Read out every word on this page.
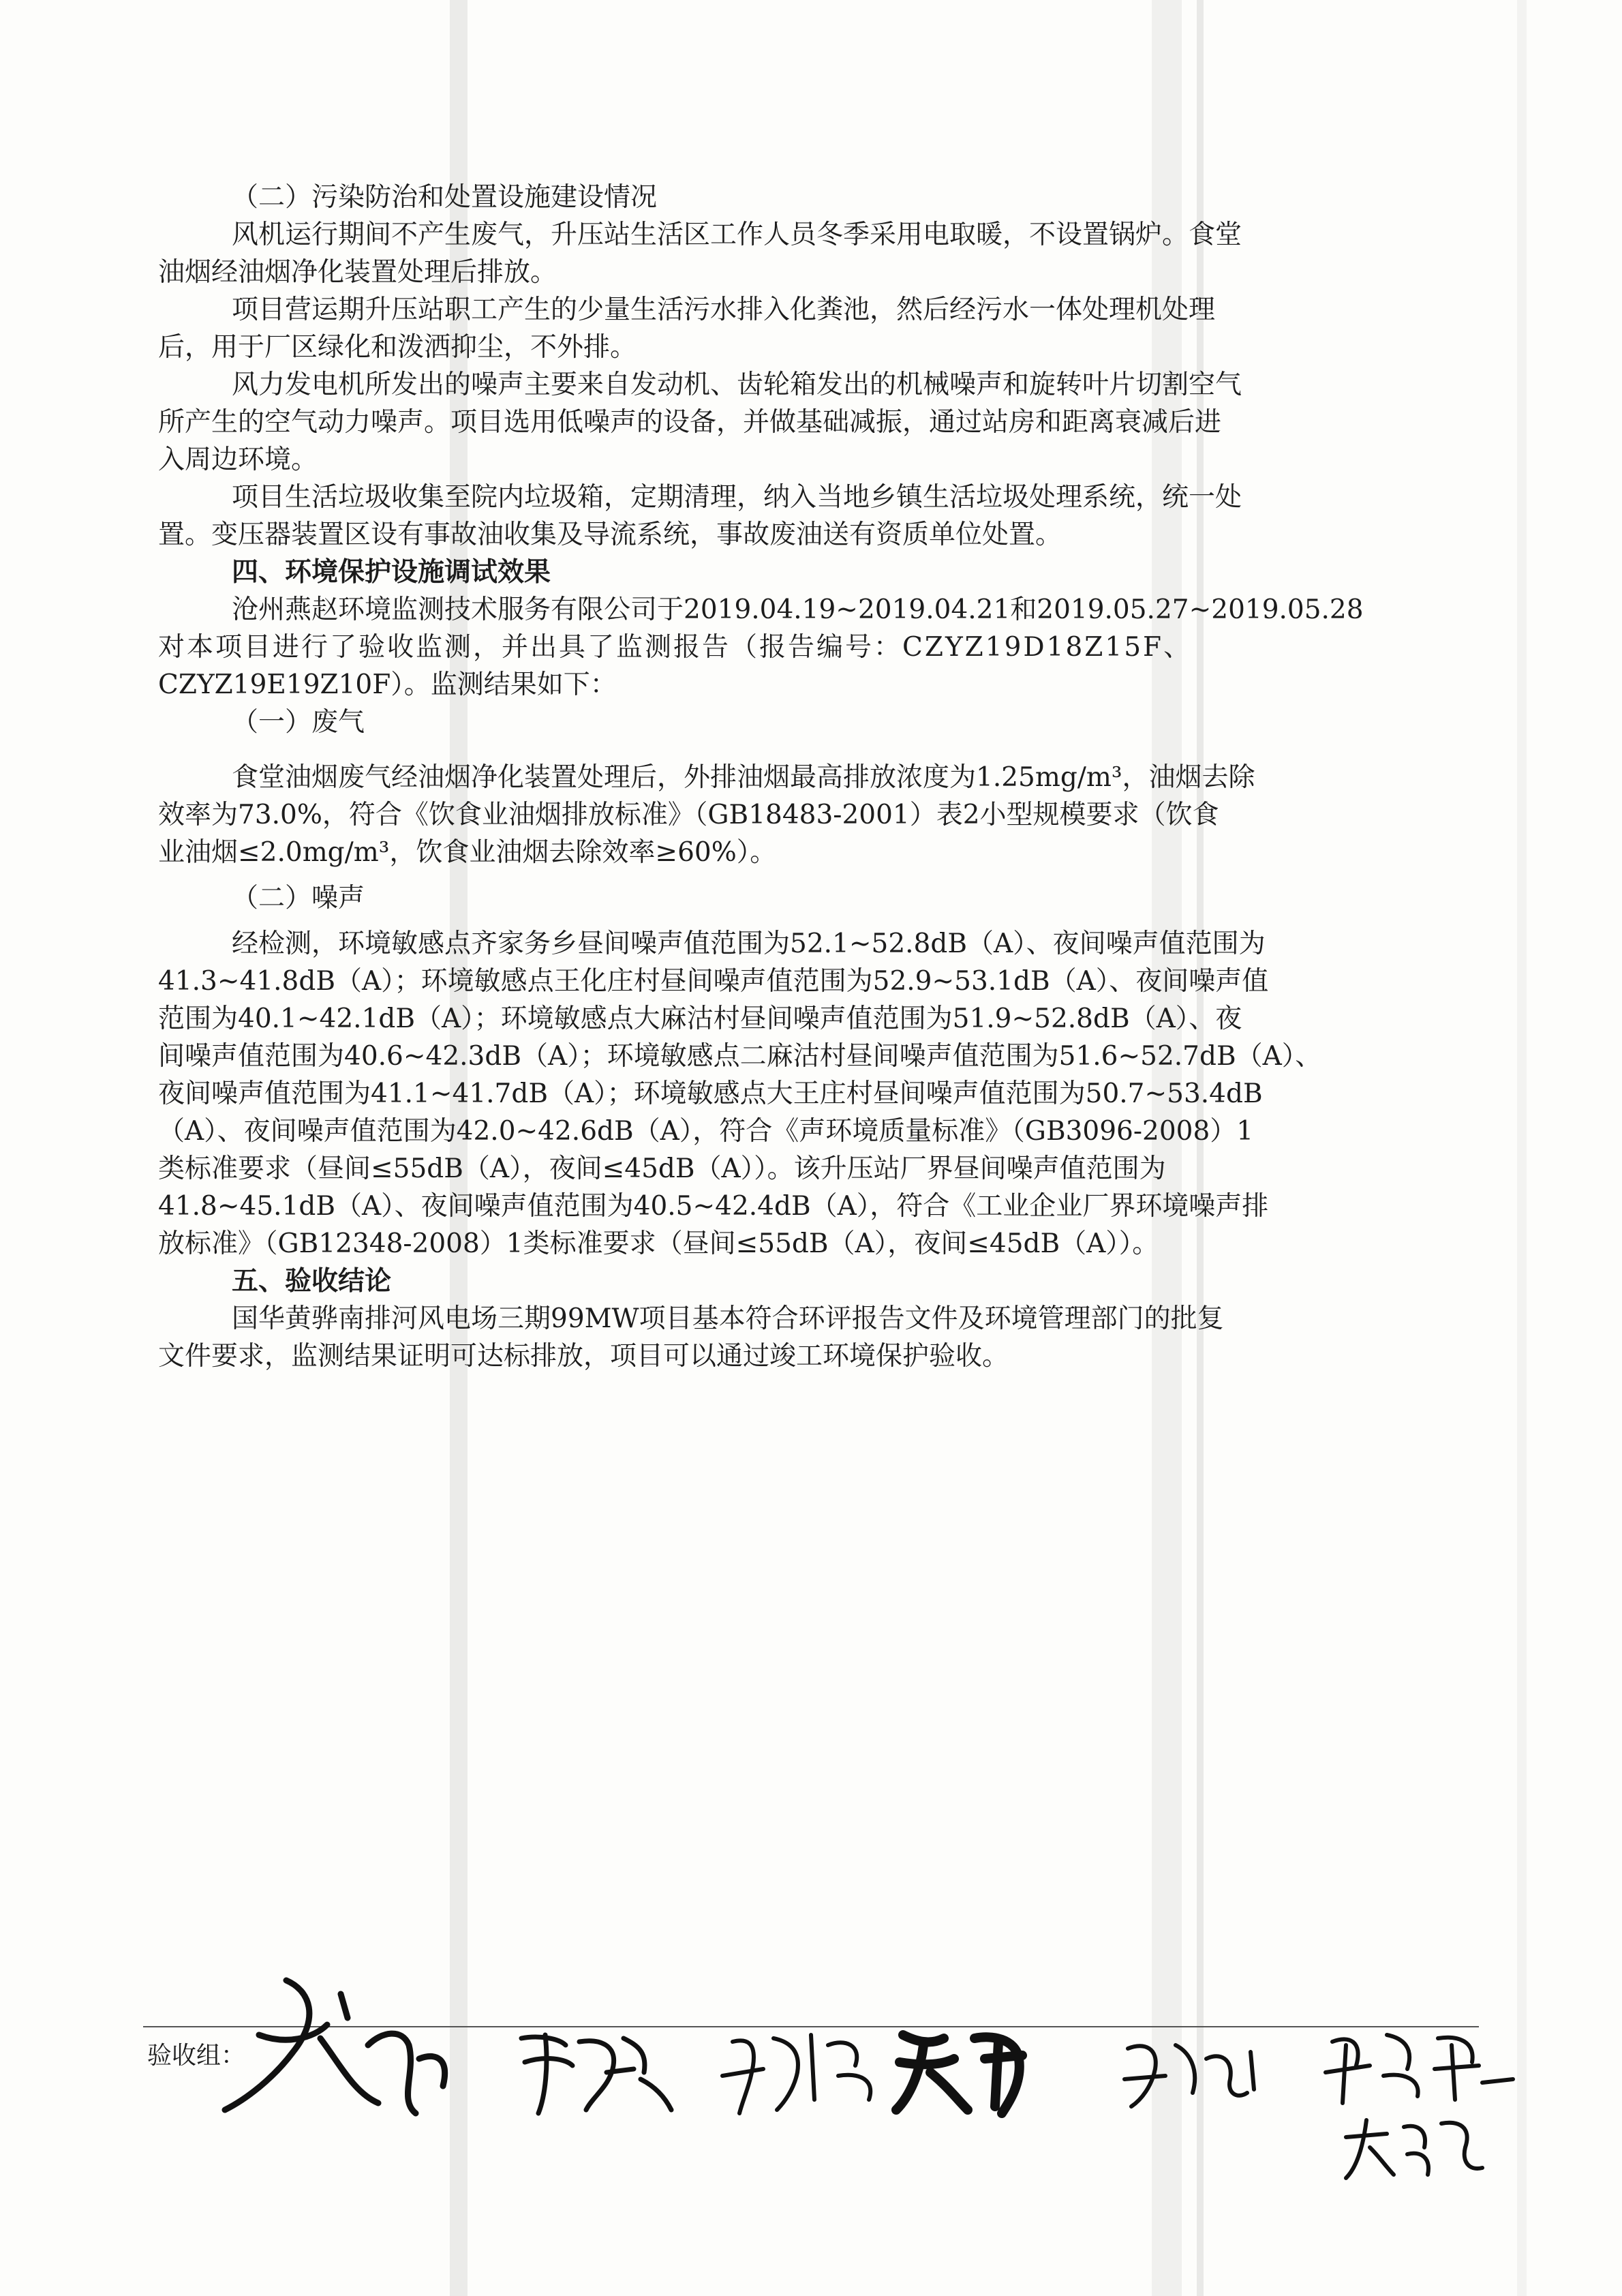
（二）污染防治和处置设施建设情况
风机运行期间不产生废气，升压站生活区工作人员冬季采用电取暖，不设置锅炉。食堂
油烟经油烟净化装置处理后排放。
项目营运期升压站职工产生的少量生活污水排入化粪池，然后经污水一体处理机处理
后，用于厂区绿化和泼洒抑尘，不外排。
风力发电机所发出的噪声主要来自发动机、齿轮箱发出的机械噪声和旋转叶片切割空气
所产生的空气动力噪声。项目选用低噪声的设备，并做基础减振，通过站房和距离衰减后进
入周边环境。
项目生活垃圾收集至院内垃圾箱，定期清理，纳入当地乡镇生活垃圾处理系统，统一处
置。变压器装置区设有事故油收集及导流系统，事故废油送有资质单位处置。
四、环境保护设施调试效果
沧州燕赵环境监测技术服务有限公司于2019.04.19~2019.04.21和2019.05.27~2019.05.28
对本项目进行了验收监测，并出具了监测报告（报告编号：CZYZ19D18Z15F、
CZYZ19E19Z10F）。监测结果如下：
（一）废气
食堂油烟废气经油烟净化装置处理后，外排油烟最高排放浓度为1.25mg/m³，油烟去除
效率为73.0%，符合《饮食业油烟排放标准》（GB18483-2001）表2小型规模要求（饮食
业油烟≤2.0mg/m³，饮食业油烟去除效率≥60%）。
（二）噪声
经检测，环境敏感点齐家务乡昼间噪声值范围为52.1~52.8dB（A）、夜间噪声值范围为
41.3~41.8dB（A）；环境敏感点王化庄村昼间噪声值范围为52.9~53.1dB（A）、夜间噪声值
范围为40.1~42.1dB（A）；环境敏感点大麻沽村昼间噪声值范围为51.9~52.8dB（A）、夜
间噪声值范围为40.6~42.3dB（A）；环境敏感点二麻沽村昼间噪声值范围为51.6~52.7dB（A）、
夜间噪声值范围为41.1~41.7dB（A）；环境敏感点大王庄村昼间噪声值范围为50.7~53.4dB
（A）、夜间噪声值范围为42.0~42.6dB（A），符合《声环境质量标准》（GB3096-2008）1
类标准要求（昼间≤55dB（A），夜间≤45dB（A））。该升压站厂界昼间噪声值范围为
41.8~45.1dB（A）、夜间噪声值范围为40.5~42.4dB（A），符合《工业企业厂界环境噪声排
放标准》（GB12348-2008）1类标准要求（昼间≤55dB（A），夜间≤45dB（A））。
五、验收结论
国华黄骅南排河风电场三期99MW项目基本符合环评报告文件及环境管理部门的批复
文件要求，监测结果证明可达标排放，项目可以通过竣工环境保护验收。
验收组：
